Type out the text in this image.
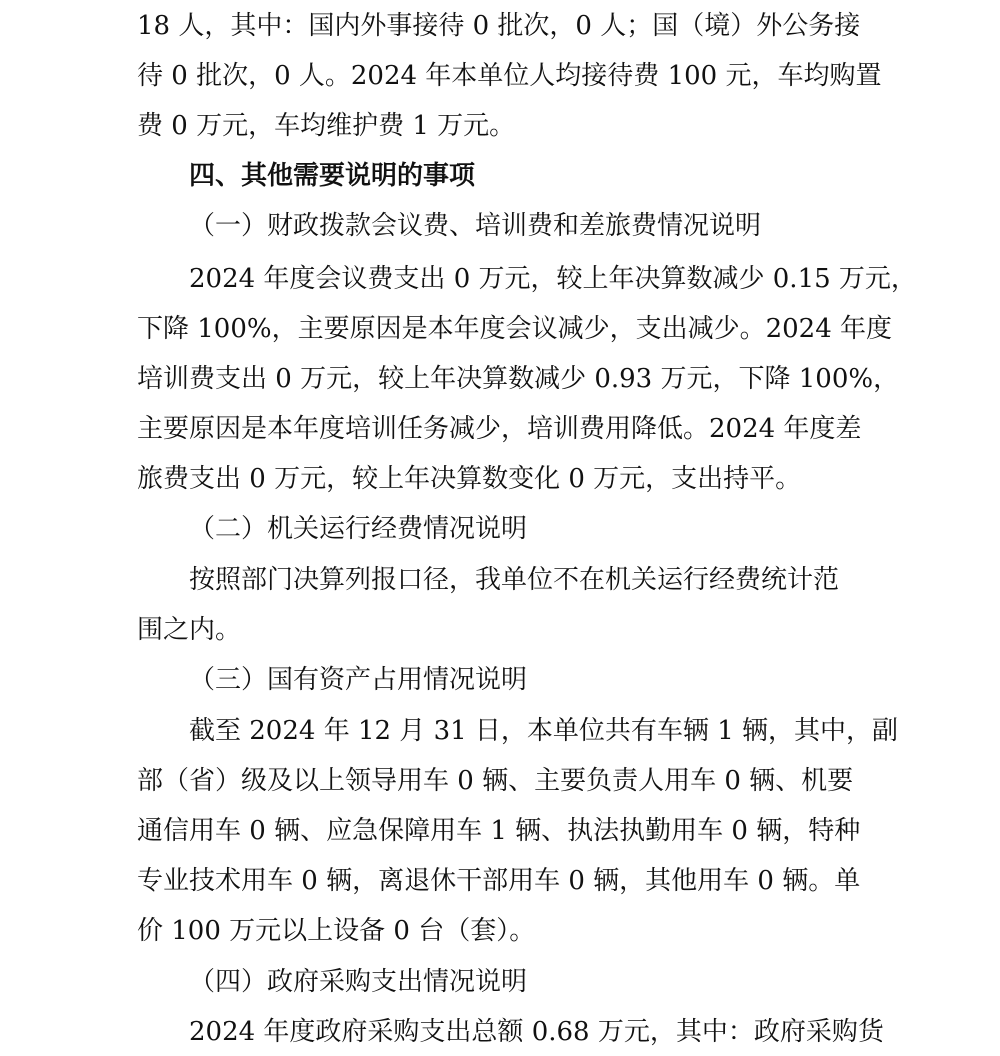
18 人，其中：国内外事接待 0 批次，0 人；国（境）外公务接
待 0 批次，0 人。2024 年本单位人均接待费 100 元，车均购置
费 0 万元，车均维护费 1 万元。
四、其他需要说明的事项
（一）财政拨款会议费、培训费和差旅费情况说明
2024 年度会议费支出 0 万元，较上年决算数减少 0.15 万元，
下降 100%，主要原因是本年度会议减少，支出减少。2024 年度
培训费支出 0 万元，较上年决算数减少 0.93 万元，下降 100%，
主要原因是本年度培训任务减少，培训费用降低。2024 年度差
旅费支出 0 万元，较上年决算数变化 0 万元，支出持平。
（二）机关运行经费情况说明
按照部门决算列报口径，我单位不在机关运行经费统计范
围之内。
（三）国有资产占用情况说明
截至 2024 年 12 月 31 日，本单位共有车辆 1 辆，其中，副
部（省）级及以上领导用车 0 辆、主要负责人用车 0 辆、机要
通信用车 0 辆、应急保障用车 1 辆、执法执勤用车 0 辆，特种
专业技术用车 0 辆，离退休干部用车 0 辆，其他用车 0 辆。单
价 100 万元以上设备 0 台（套）。
（四）政府采购支出情况说明
2024 年度政府采购支出总额 0.68 万元，其中：政府采购货
